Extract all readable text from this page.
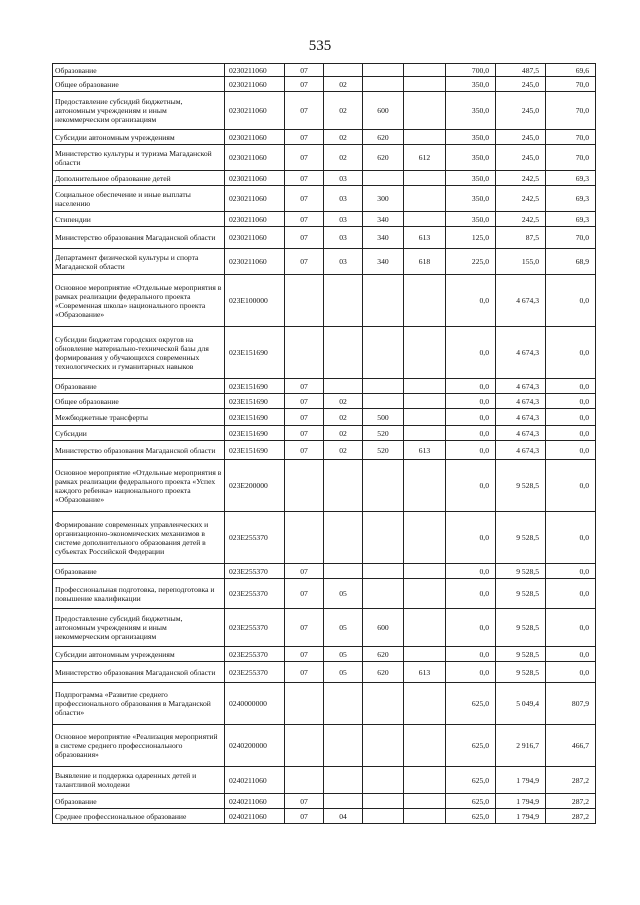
535
Образование	0230211060	07				700,0	487,5	69,6
Общее образование	0230211060	07	02			350,0	245,0	70,0
Предоставление субсидий бюджетным, автономным учреждениям и иным некоммерческим организациям	0230211060	07	02	600		350,0	245,0	70,0
Субсидии автономным учреждениям	0230211060	07	02	620		350,0	245,0	70,0
Министерство культуры и туризма Магаданской области	0230211060	07	02	620	612	350,0	245,0	70,0
Дополнительное образование детей	0230211060	07	03			350,0	242,5	69,3
Социальное обеспечение и иные выплаты населению	0230211060	07	03	300		350,0	242,5	69,3
Стипендии	0230211060	07	03	340		350,0	242,5	69,3
Министерство образования Магаданской области	0230211060	07	03	340	613	125,0	87,5	70,0
Департамент физической культуры и спорта Магаданской области	0230211060	07	03	340	618	225,0	155,0	68,9
Основное мероприятие «Отдельные мероприятия в рамках реализации федерального проекта «Современная школа» национального проекта «Образование»	023E100000					0,0	4 674,3	0,0
Субсидии бюджетам городских округов на обновление материально-технической базы для формирования у обучающихся современных технологических и гуманитарных навыков	023E151690					0,0	4 674,3	0,0
Образование	023E151690	07				0,0	4 674,3	0,0
Общее образование	023E151690	07	02			0,0	4 674,3	0,0
Межбюджетные трансферты	023E151690	07	02	500		0,0	4 674,3	0,0
Субсидии	023E151690	07	02	520		0,0	4 674,3	0,0
Министерство образования Магаданской области	023E151690	07	02	520	613	0,0	4 674,3	0,0
Основное мероприятие «Отдельные мероприятия в рамках реализации федерального проекта «Успех каждого ребенка» национального проекта «Образование»	023E200000					0,0	9 528,5	0,0
Формирование современных управленческих и организационно-экономических механизмов в системе дополнительного образования детей в субъектах Российской Федерации	023E255370					0,0	9 528,5	0,0
Образование	023E255370	07				0,0	9 528,5	0,0
Профессиональная подготовка, переподготовка и повышение квалификации	023E255370	07	05			0,0	9 528,5	0,0
Предоставление субсидий бюджетным, автономным учреждениям и иным некоммерческим организациям	023E255370	07	05	600		0,0	9 528,5	0,0
Субсидии автономным учреждениям	023E255370	07	05	620		0,0	9 528,5	0,0
Министерство образования Магаданской области	023E255370	07	05	620	613	0,0	9 528,5	0,0
Подпрограмма «Развитие среднего профессионального образования в Магаданской области»	0240000000					625,0	5 049,4	807,9
Основное мероприятие «Реализация мероприятий в системе среднего профессионального образования»	0240200000					625,0	2 916,7	466,7
Выявление и поддержка одаренных детей и талантливой молодежи	0240211060					625,0	1 794,9	287,2
Образование	0240211060	07				625,0	1 794,9	287,2
Среднее профессиональное образование	0240211060	07	04			625,0	1 794,9	287,2
